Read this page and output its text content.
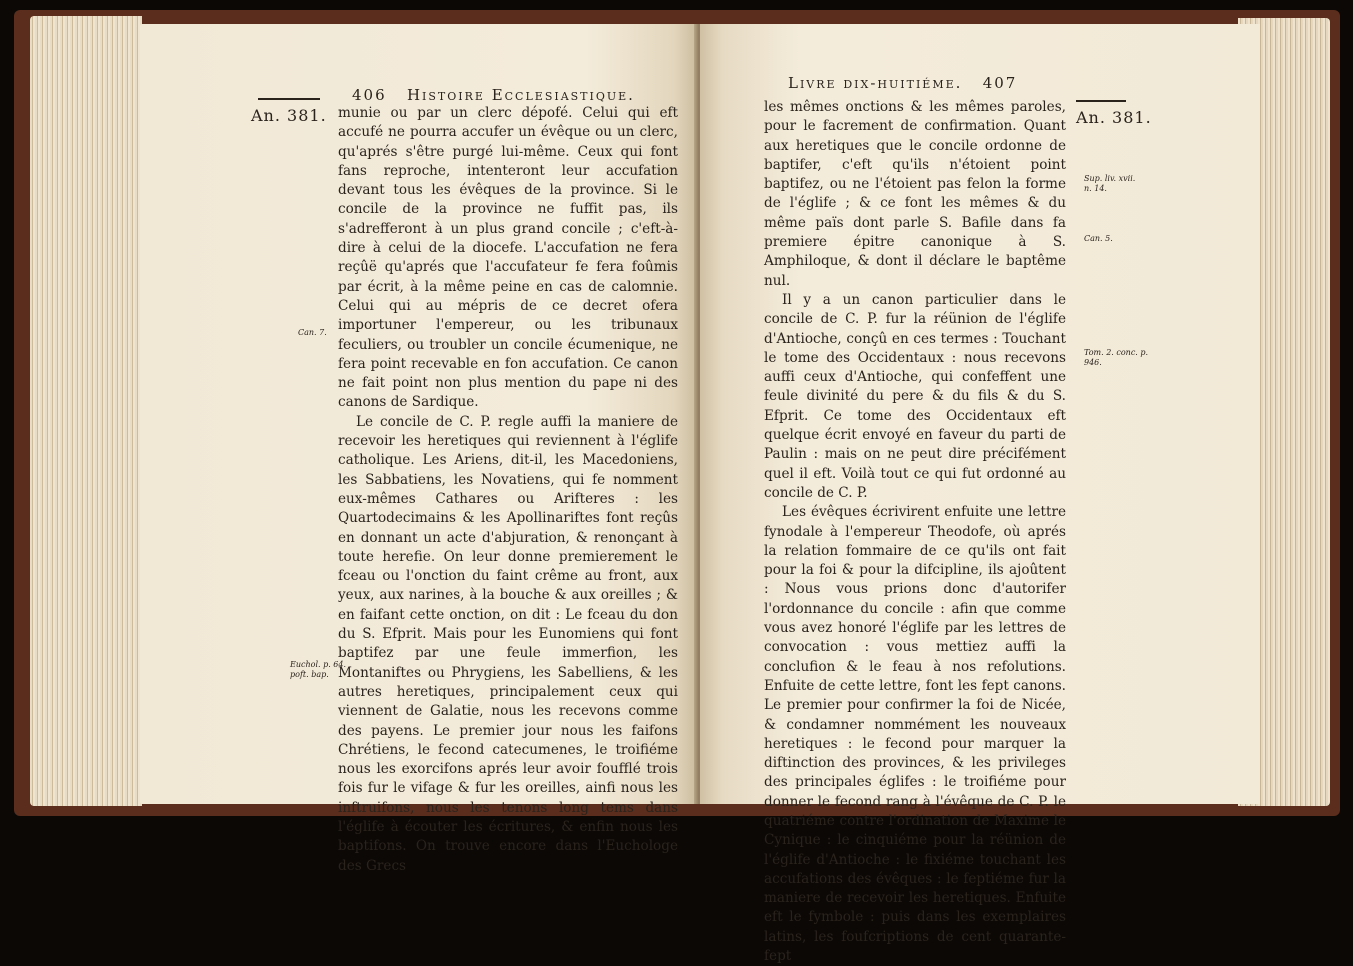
406 Histoire Ecclesiastique.
An. 381. munie ou par un clerc dépofé. Celui qui eft accufé ne pourra accufer un évêque ou un clerc, qu'aprés s'être purgé lui-même. Ceux qui font fans reproche, intenteront leur accufation devant tous les évêques de la province. Si le concile de la province ne fuffit pas, ils s'adrefferont à un plus grand concile ; c'eft-à-dire à celui de la diocefe. L'accufation ne fera reçûë qu'aprés que l'accufateur fe fera foûmis par écrit, à la même peine en cas de calomnie. Celui qui au mépris de ce decret ofera importuner l'empereur, ou les tribunaux feculiers, ou troubler un concile écumenique, ne fera point recevable en fon accufation. Ce canon ne fait point non plus mention du pape ni des canons de Sardique.

Le concile de C. P. regle auffi la maniere de recevoir les heretiques qui reviennent à l'églife catholique. Les Ariens, dit-il, les Macedoniens, les Sabbatiens, les Novatiens, qui fe nomment eux-mêmes Cathares ou Arifteres : les Quartodecimains & les Apollinariftes font reçûs en donnant un acte d'abjuration, & renonçant à toute herefie. On leur donne premierement le fceau ou l'onction du faint crême au front, aux yeux, aux narines, à la bouche & aux oreilles ; & en faifant cette onction, on dit : Le fceau du don du S. Efprit. Mais pour les Eunomiens qui font baptifez par une feule immerfion, les Montaniftes ou Phrygiens, les Sabelliens, & les autres heretiques, principalement ceux qui viennent de Galatie, nous les recevons comme des payens. Le premier jour nous les faifons Chrétiens, le fecond catecumenes, le troifiéme nous les exorcifons aprés leur avoir foufflé trois fois fur le vifage & fur les oreilles, ainfi nous les inftruifons, nous les tenons long tems dans l'églife à écouter les écritures, & enfin nous les baptifons. On trouve encore dans l'Euchologe des Grecs

Can. 7.
Euchol. p. 64.
poft. bap.
Livre dix-huitiéme. 407
An. 381.

les mêmes onctions & les mêmes paroles, pour le facrement de confirmation. Quant aux heretiques que le concile ordonne de baptifer, c'eft qu'ils n'étoient point baptifez, ou ne l'étoient pas felon la forme de l'églife ; & ce font les mêmes & du même païs dont parle S. Bafile dans fa premiere épitre canonique à S. Amphiloque, & dont il déclare le baptême nul.

Il y a un canon particulier dans le concile de C. P. fur la réünion de l'églife d'Antioche, conçû en ces termes : Touchant le tome des Occidentaux : nous recevons auffi ceux d'Antioche, qui confeffent une feule divinité du pere & du fils & du S. Efprit. Ce tome des Occidentaux eft quelque écrit envoyé en faveur du parti de Paulin : mais on ne peut dire précifément quel il eft. Voilà tout ce qui fut ordonné au concile de C. P.

Les évêques écrivirent enfuite une lettre fynodale à l'empereur Theodofe, où aprés la relation fommaire de ce qu'ils ont fait pour la foi & pour la difcipline, ils ajoûtent : Nous vous prions donc d'autorifer l'ordonnance du concile : afin que comme vous avez honoré l'églife par les lettres de convocation : vous mettiez auffi la conclufion & le feau à nos refolutions. Enfuite de cette lettre, font les fept canons. Le premier pour confirmer la foi de Nicée, & condamner nommément les nouveaux heretiques : le fecond pour marquer la diftinction des provinces, & les privileges des principales églifes : le troifiéme pour donner le fecond rang à l'évêque de C. P. le quatriéme contre l'ordination de Maxime le Cynique : le cinquiéme pour la réünion de l'églife d'Antioche : le fixiéme touchant les accufations des évêques : le feptiéme fur la maniere de recevoir les heretiques. Enfuite eft le fymbole : puis dans les exemplaires latins, les foufcriptions de cent quarante-fept

Sup. liv. xvii.
n. 14.
Can. 5.
Tom. 2. conc. p.
946.
